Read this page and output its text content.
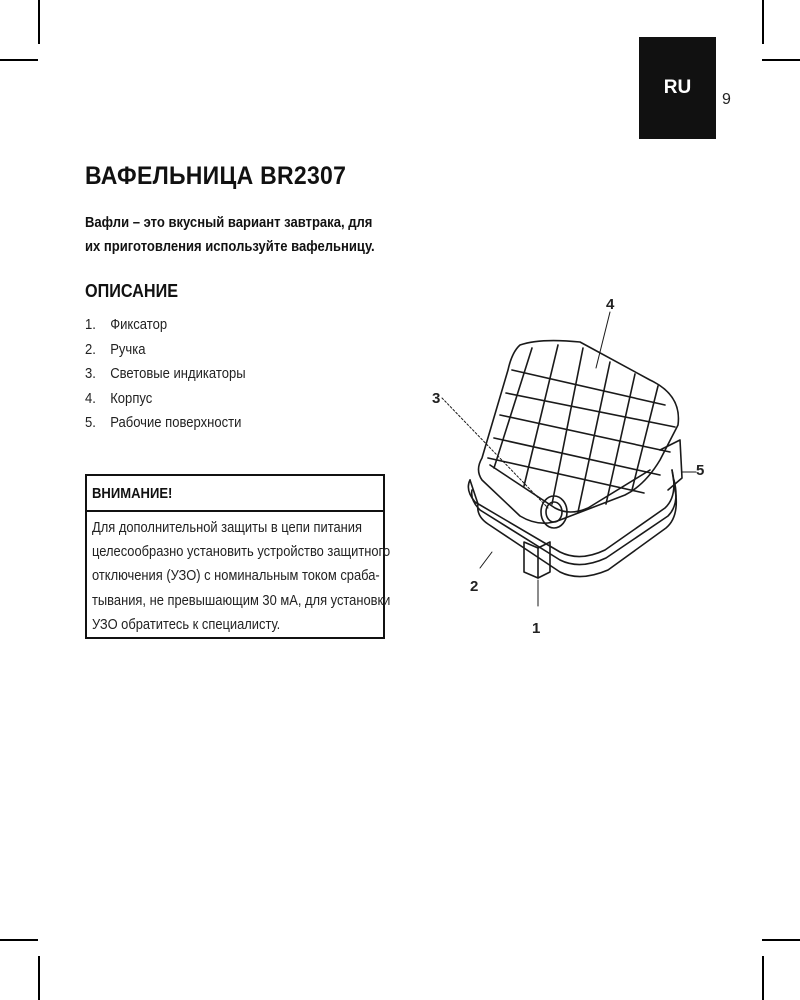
RU
9
ВАФЕЛЬНИЦА BR2307

Вафли – это вкусный вариант завтрака, для их приготовления используйте вафельницу.

ОПИСАНИЕ
1. Фиксатор
2. Ручка
3. Световые индикаторы
4. Корпус
5. Рабочие поверхности
ВНИМАНИЕ!

Для дополнительной защиты в цепи питания
целесообразно установить устройство защитного
отключения (УЗО) с номинальным током сраба-
тывания, не превышающим 30 мА, для установки
УЗО обратитесь к специалисту.

4
3
5
2
1
